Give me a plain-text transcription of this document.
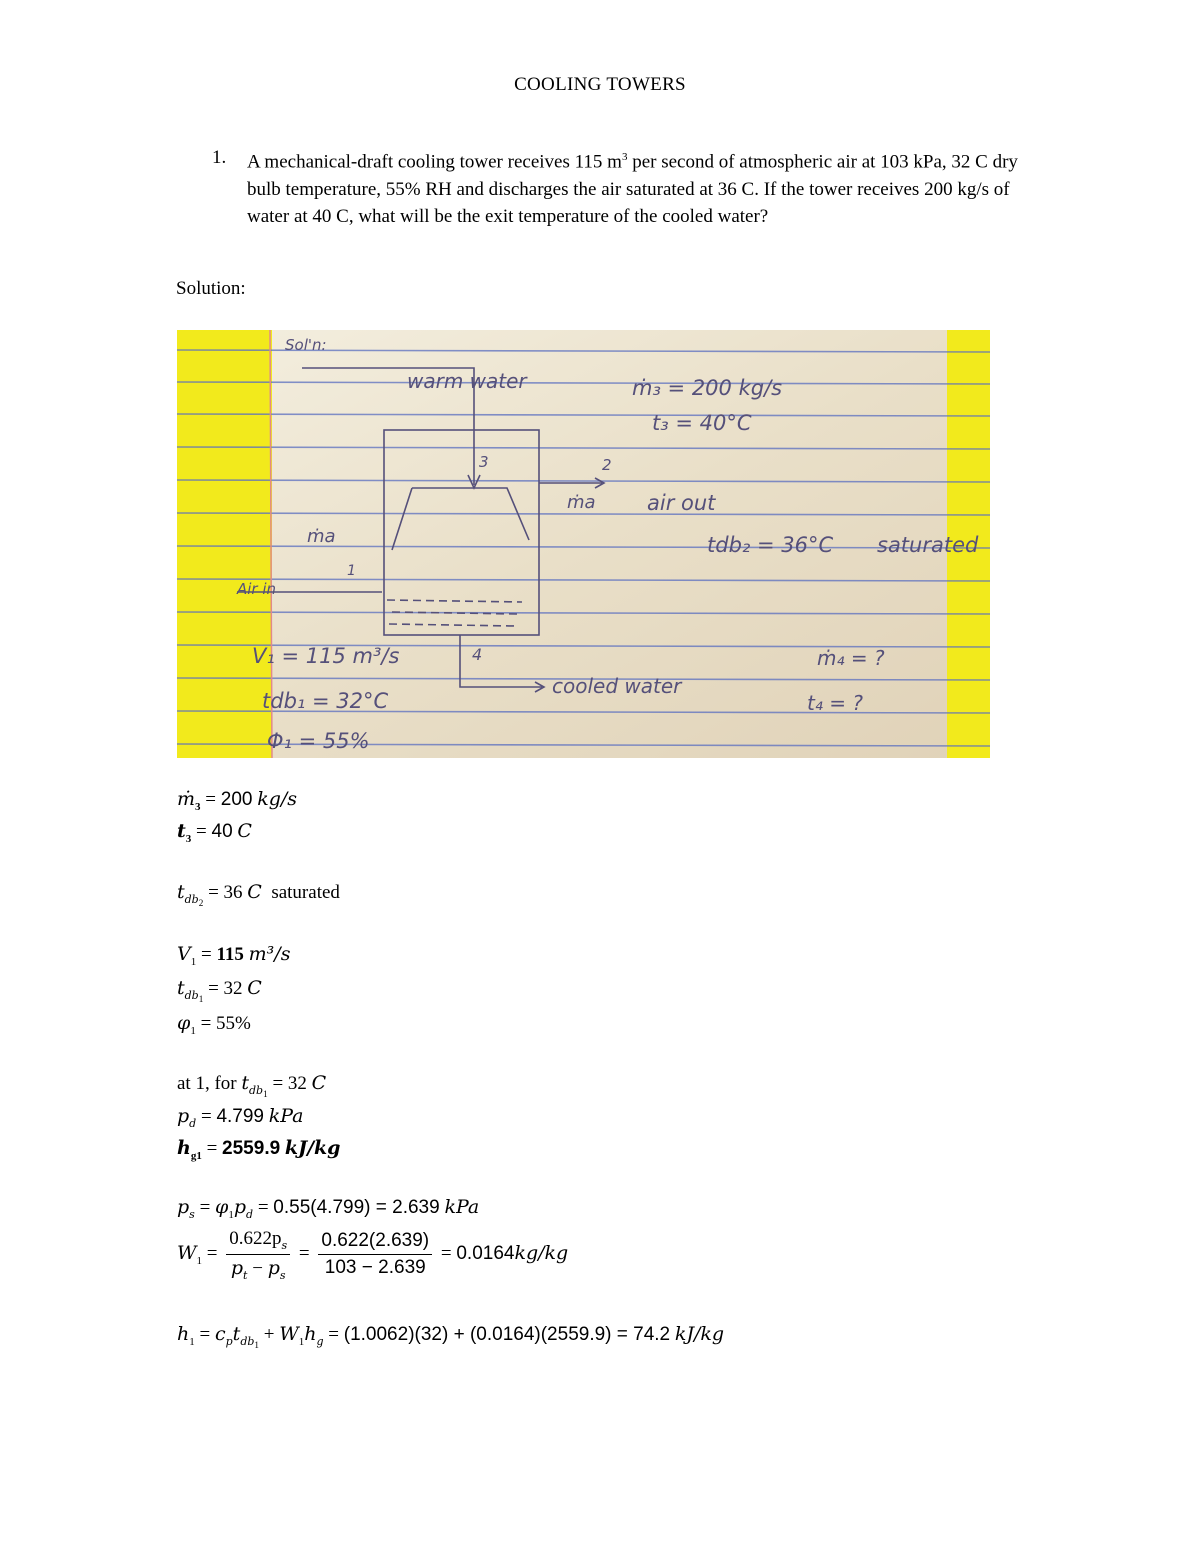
COOLING TOWERS
1. A mechanical-draft cooling tower receives 115 $m^3$ per second of atmospheric air at 103 kPa, 32 C dry bulb temperature, 55% RH and discharges the air saturated at 36 C. If the tower receives 200 kg/s of water at 40 C, what will be the exit temperature of the cooled water?
Solution:
Sol'n:
warm water	ṁ₃ = 200 kg/s
t₃ = 40°C
3	2
ṁa air out
tdb₂ = 36°C saturated
ṁa
1
Air in
V₁ = 115 m³/s	4
cooled water
tdb₁ = 32°C
Φ₁ = 55%
ṁ₄ = ?
t₄ = ?
ṁ$_3$ = 200 kg/s
$t_3 = 40$ C
$t_{db_2} = 36$ C saturated
$V_1 = 115$ m³/s
$t_{db_1} = 32$ C
$\varphi_1 = 55\%$
at 1, for $t_{db_1} = 32$ C
$p_d = 4.799$ kPa
$h_{g1} = 2559.9$ kJ/kg
$p_s = \varphi_1p_d = 0.55(4.799) = 2.639$ kPa
$W_1 = \frac{0.622p_s}{p_t - p_s} = \frac{0.622(2.639)}{103 - 2.639} = 0.0164kg/kg$
$h_1 = c_pt_{db_1} + W_1h_g = (1.0062)(32) + (0.0164)(2559.9) = 74.2$ kJ/kg
